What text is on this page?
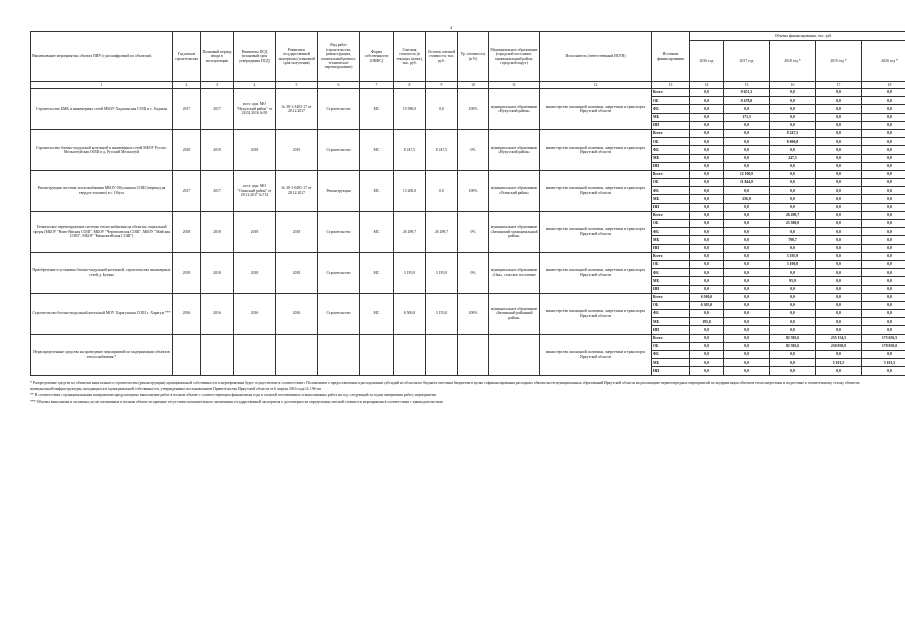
4
Наименование мероприятия, объекта ПИР (с расшифровкой по объектам)	Год начала строительства	Плановый период ввода в эксплуатацию	Реквизиты ПСД (плановый срок утверждения ПСД)	Реквизиты государственной экспертизы (плановый срок получения)	Вид работ (строительство, реконструкция, капитальный ремонт, техническое перевооружение)	Форма собственности (ОКФС)	Сметная стоимость (в текущих ценах), тыс. руб.	Остаток сметной стоимости, тыс. руб.	Ур. готовности, (в %)	Муниципальное образование (городской поселение, муниципальный район, городской округ)	Исполнитель (ответственный ИОГВ)	Источник финансирования	Объемы финансирования, тыс. руб.				
													2016 год	2017 год	2018 год *	2019 год *	2020 год *
1	2	3	4	5	6	7	8	9	10	11	12	13	14	15	16	17	18
Строительство БМК и инженерных сетей МБОУ Хадаханская СОШ в с. Хадахан	2017	2017	пост. адм. МО "Нукутский район" от 24.02.2016 №58	№ 38-1-3403-17 от 28.12.2017	Строительство	МС	10 580,0	0,0	100%	муниципальное образование «Нукутский район»	министерство жилищной политики, энергетики и транспорта Иркутской области	Всего	0,0	9 651,3	0,0	0,0	0,0
												ОБ	0,0	9 478,0	0,0	0,0	0,0
												ФБ	0,0	0,0	0,0	0,0	0,0
												МБ	0,0	173,3	0,0	0,0	0,0
												ИИ	0,0	0,0	0,0	0,0	0,0
Строительство блочно-модульной котельной и инженерных сетей МБОУ Русско-Мельхитуйская ООШ в д. Русский Мельхитуй	2018	2018	2018	2019	Строительство	МС	8 247,5	8 247,5	0%	муниципальное образование «Нукутский район»	министерство жилищной политики, энергетики и транспорта Иркутской области	Всего	0,0	0,0	8 247,5	0,0	0,0
												ОБ	0,0	0,0	8 000,0	0,0	0,0
												ФБ	0,0	0,0	0,0	0,0	0,0
												МБ	0,0	0,0	247,5	0,0	0,0
												ИИ	0,0	0,0	0,0	0,0	0,0
Реконструкция системы теплоснабжения МБОУ Обусинская СОШ (перевод на твердое топливо) в с. Обуса	2017	2017	пост. адм. МО "Осинский район" от 29.12.2017 №714	№ 38-1-0481-17 от 28.12.2017	Реконструкция	МС	13 200,0	0,0	100%	муниципальное образование «Осинский район»	министерство жилищной политики, энергетики и транспорта Иркутской области	Всего	0,0	12 100,0	0,0	0,0	0,0
												ОБ	0,0	11 844,0	0,0	0,0	0,0
												ФБ	0,0	0,0	0,0	0,0	0,0
												МБ	0,0	256,0	0,0	0,0	0,0
												ИИ	0,0	0,0	0,0	0,0	0,0
Техническое перевооружение системы теплоснабжения на объектах социальной сферы (МБОУ "Ново-Ямская СОШ", МБОУ "Черемховская СОШ", МБОУ "Майская СОШ", МБОУ "Кимильтейская СОШ")	2018	2018	2018	2018	Строительство	МС	26 298,7	26 298,7	0%	муниципальное образование «Зиминский муниципальный район»	министерство жилищной политики, энергетики и транспорта Иркутской области	Всего	0,0	0,0	26 298,7	0,0	0,0
												ОБ	0,0	0,0	25 500,0	0,0	0,0
												ФБ	0,0	0,0	0,0	0,0	0,0
												МБ	0,0	0,0	798,7	0,0	0,0
												ИИ	0,0	0,0	0,0	0,0	0,0
Приобретение и установка блочно-модульной котельной, строительство инженерных сетей д. Бутяна	2018	2018	2018	2018	Строительство	МС	3 195,9	3 195,9	0%	муниципальное образование «Ока», сельское поселение	министерство жилищной политики, энергетики и транспорта Иркутской области	Всего	0,0	0,0	3 195,9	0,0	0,0
												ОБ	0,0	0,0	3 100,0	0,0	0,0
												ФБ	0,0	0,0	0,0	0,0	0,0
												МБ	0,0	0,0	95,9	0,0	0,0
												ИИ	0,0	0,0	0,0	0,0	0,0
Строительство блочно-модульной котельной МОУ Харагунская СОШ с. Харагун ***	2016	2016	2016	2016	Строительство	МС	6 500,0	3 155,0	100%	муниципальное образование «Зиминский районный район»	министерство жилищной политики, энергетики и транспорта Иркутской области	Всего	6 500,0	0,0	0,0	0,0	0,0
												ОБ	6 305,0	0,0	0,0	0,0	0,0
												ФБ	0,0	0,0	0,0	0,0	0,0
												МБ	195,0	0,0	0,0	0,0	0,0
												ИИ	0,0	0,0	0,0	0,0	0,0
Нераспределенные средства на проведение мероприятий по модернизации объектов теплоснабжения *											министерство жилищной политики, энергетики и транспорта Иркутской области	Всего	0,0	0,0	82 305,6	235 154,5	175 656,5
												ОБ	0,0	0,0	82 305,6	230 050,0	170 050,0
												ФБ	0,0	0,0	0,0	0,0	0,0
												МБ	0,0	0,0	0,0	5 101,5	5 101,5
												ИИ	0,0	0,0	0,0	0,0	0,0

* Распределение средств по объектам капитального строительства (реконструкции) муниципальной собственности и мероприятиям будет осуществлено в соответствии с Положением о предоставлении и расходовании субсидий из областного бюджета местным бюджетам в целях софинансирования расходных обязательств муниципальных образований Иркутской области на реализацию первоочередных мероприятий по модернизации объектов теплоэнергетики и подготовке к отопительному сезону объектов коммунальной инфраструктуры, находящихся в муниципальной собственности, утвержденным постановлением Правительства Иркутской области от 6 апреля 2016 года № 196-пп

** В соответствии с муниципальными контрактами предусмотрено выполнение работ в полном объеме с соответствующим финансовым года и оплатой поставленных и выполненных работ на год, следующий за годом завершения работ, мероприятия.

*** Объемы выполнены и оплачены, но не оплаченные в полном объеме по причине отсутствия положительного заключения государственной экспертизы о достоверности определения сметной стоимости мероприятия в соответствии с законодательством
